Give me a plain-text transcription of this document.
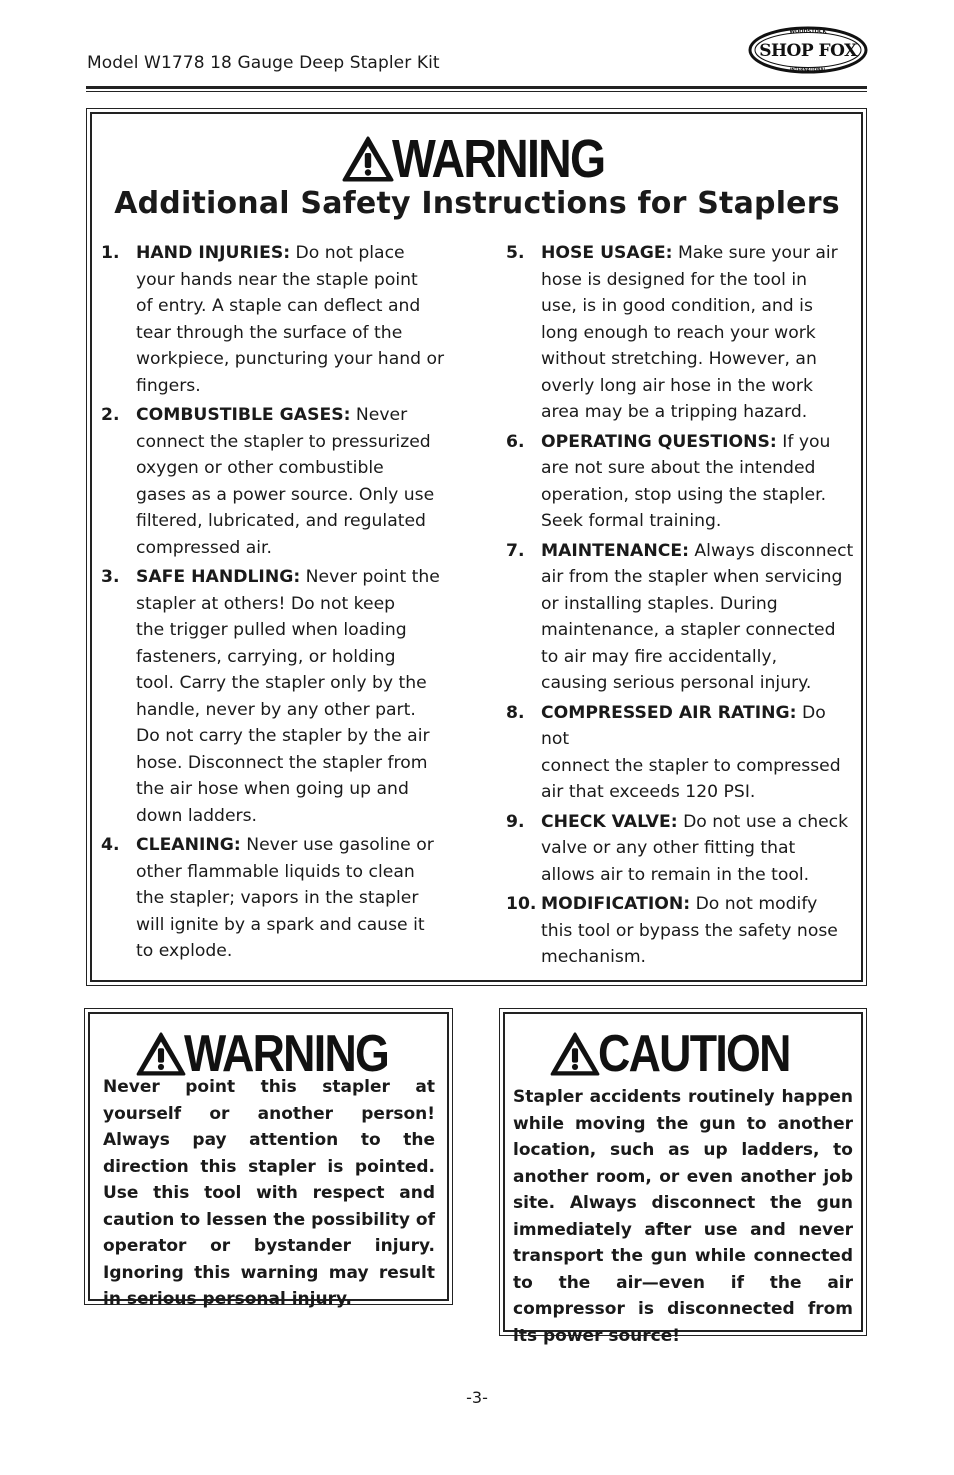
Model W1778 18 Gauge Deep Stapler Kit
WOODSTOCK
SHOP FOX
INTERNATIONAL
WARNING
Additional Safety Instructions for Staplers
1. HAND INJURIES: Do not place
your hands near the staple point
of entry. A staple can deflect and
tear through the surface of the
workpiece, puncturing your hand or
fingers.
2. COMBUSTIBLE GASES: Never
connect the stapler to pressurized
oxygen or other combustible
gases as a power source. Only use
filtered, lubricated, and regulated
compressed air.
3. SAFE HANDLING: Never point the
stapler at others! Do not keep
the trigger pulled when loading
fasteners, carrying, or holding
tool. Carry the stapler only by the
handle, never by any other part.
Do not carry the stapler by the air
hose. Disconnect the stapler from
the air hose when going up and
down ladders.
4. CLEANING: Never use gasoline or
other flammable liquids to clean
the stapler; vapors in the stapler
will ignite by a spark and cause it
to explode.
5. HOSE USAGE: Make sure your air
hose is designed for the tool in
use, is in good condition, and is
long enough to reach your work
without stretching. However, an
overly long air hose in the work
area may be a tripping hazard.
6. OPERATING QUESTIONS: If you
are not sure about the intended
operation, stop using the stapler.
Seek formal training.
7. MAINTENANCE: Always disconnect
air from the stapler when servicing
or installing staples. During
maintenance, a stapler connected
to air may fire accidentally,
causing serious personal injury.
8. COMPRESSED AIR RATING: Do not
connect the stapler to compressed
air that exceeds 120 PSI.
9. CHECK VALVE: Do not use a check
valve or any other fitting that
allows air to remain in the tool.
10. MODIFICATION: Do not modify
this tool or bypass the safety nose
mechanism.
WARNING
Never point this stapler at yourself or another person! Always pay attention to the direction this stapler is pointed. Use this tool with respect and caution to lessen the possibility of operator or bystander injury. Ignoring this warning may result in serious personal injury.
CAUTION
Stapler accidents routinely happen while moving the gun to another location, such as up ladders, to another room, or even another job site. Always disconnect the gun immediately after use and never transport the gun while connected to the air—even if the air compressor is disconnected from its power source!
-3-
